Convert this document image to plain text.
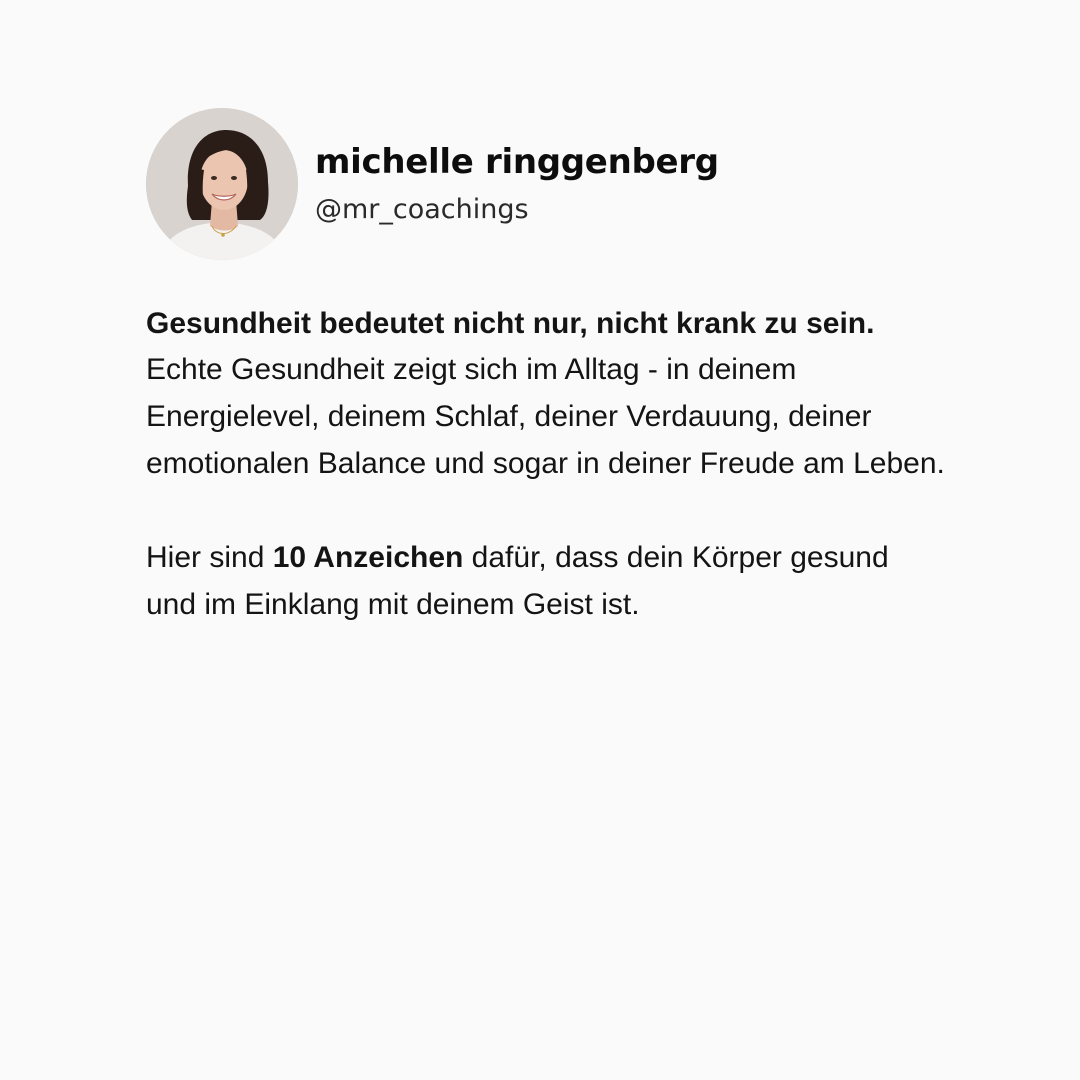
michelle ringgenberg
@mr_coachings

Gesundheit bedeutet nicht nur, nicht krank zu sein.
Echte Gesundheit zeigt sich im Alltag - in deinem Energielevel, deinem Schlaf, deiner Verdauung, deiner emotionalen Balance und sogar in deiner Freude am Leben.

Hier sind 10 Anzeichen dafür, dass dein Körper gesund und im Einklang mit deinem Geist ist.
